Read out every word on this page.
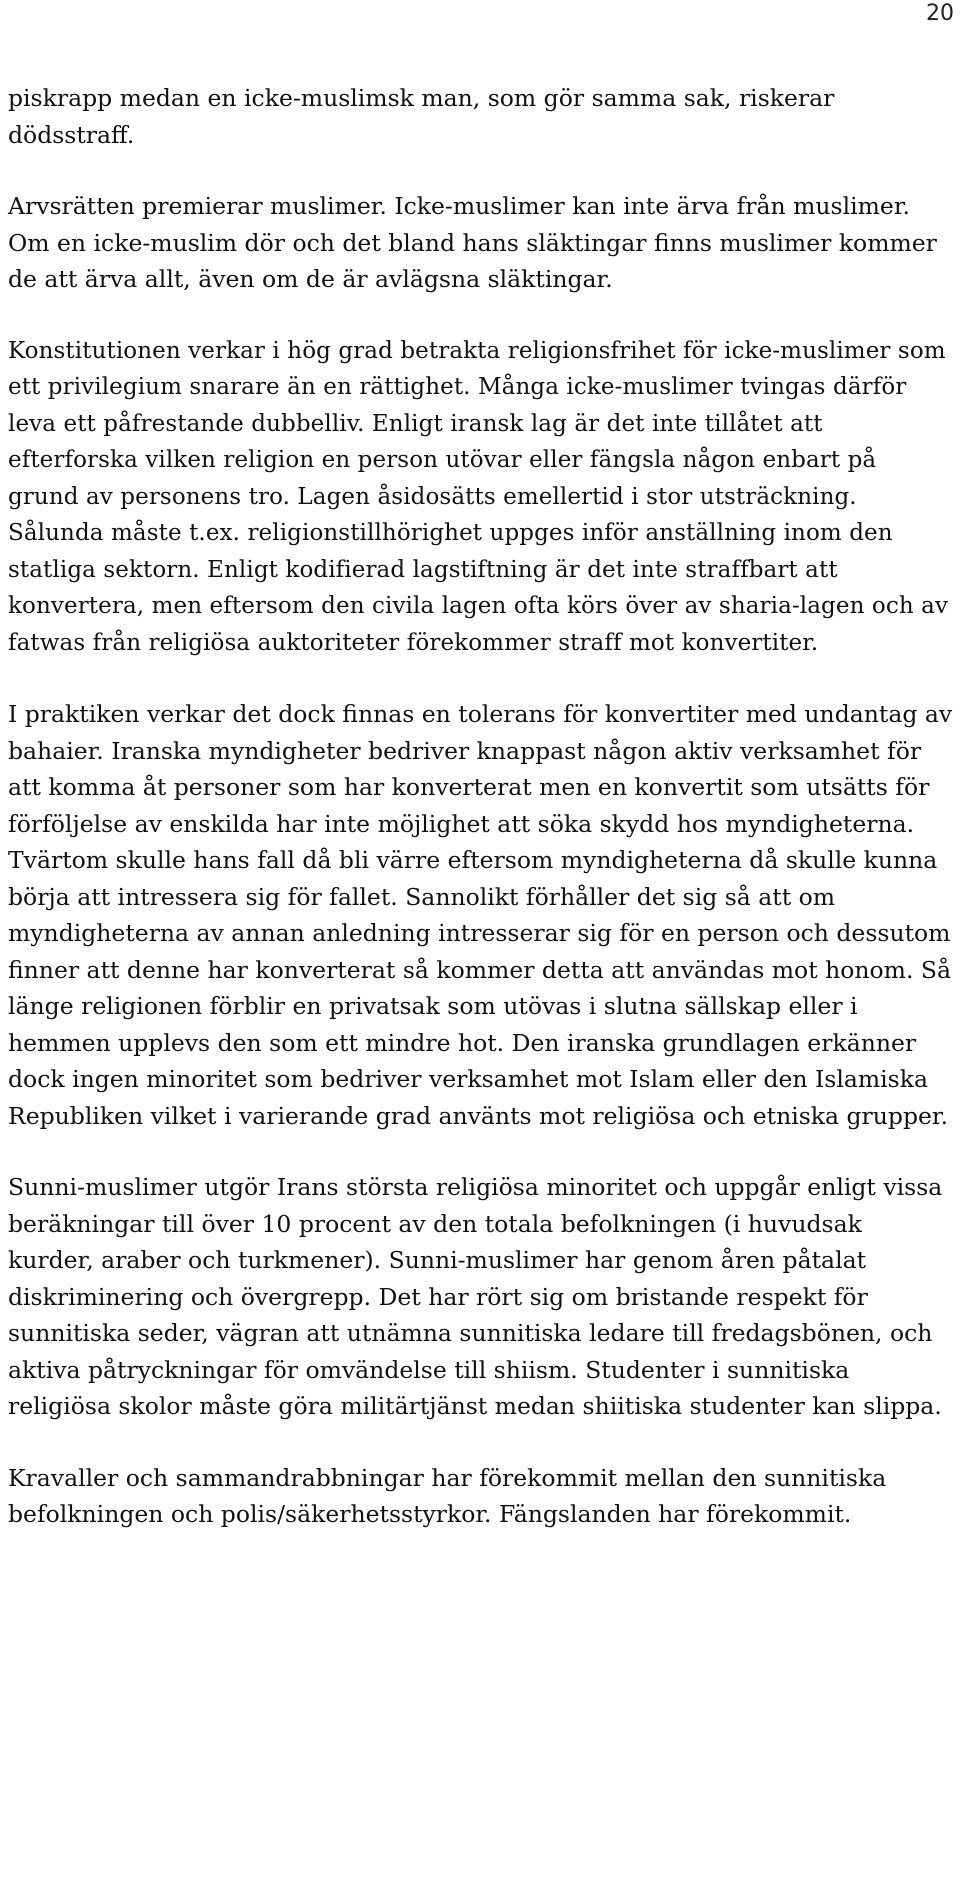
20

piskrapp medan en icke-muslimsk man, som gör samma sak, riskerar dödsstraff.

Arvsrätten premierar muslimer. Icke-muslimer kan inte ärva från muslimer. Om en icke-muslim dör och det bland hans släktingar finns muslimer kommer de att ärva allt, även om de är avlägsna släktingar.

Konstitutionen verkar i hög grad betrakta religionsfrihet för icke-muslimer som ett privilegium snarare än en rättighet. Många icke-muslimer tvingas därför leva ett påfrestande dubbelliv. Enligt iransk lag är det inte tillåtet att efterforska vilken religion en person utövar eller fängsla någon enbart på grund av personens tro. Lagen åsidosätts emellertid i stor utsträckning. Sålunda måste t.ex. religionstillhörighet uppges inför anställning inom den statliga sektorn. Enligt kodifierad lagstiftning är det inte straffbart att konvertera, men eftersom den civila lagen ofta körs över av sharia-lagen och av fatwas från religiösa auktoriteter förekommer straff mot konvertiter.

I praktiken verkar det dock finnas en tolerans för konvertiter med undantag av bahaier. Iranska myndigheter bedriver knappast någon aktiv verksamhet för att komma åt personer som har konverterat men en konvertit som utsätts för förföljelse av enskilda har inte möjlighet att söka skydd hos myndigheterna. Tvärtom skulle hans fall då bli värre eftersom myndigheterna då skulle kunna börja att intressera sig för fallet. Sannolikt förhåller det sig så att om myndigheterna av annan anledning intresserar sig för en person och dessutom finner att denne har konverterat så kommer detta att användas mot honom. Så länge religionen förblir en privatsak som utövas i slutna sällskap eller i hemmen upplevs den som ett mindre hot. Den iranska grundlagen erkänner dock ingen minoritet som bedriver verksamhet mot Islam eller den Islamiska Republiken vilket i varierande grad använts mot religiösa och etniska grupper.

Sunni-muslimer utgör Irans största religiösa minoritet och uppgår enligt vissa beräkningar till över 10 procent av den totala befolkningen (i huvudsak kurder, araber och turkmener). Sunni-muslimer har genom åren påtalat diskriminering och övergrepp. Det har rört sig om bristande respekt för sunnitiska seder, vägran att utnämna sunnitiska ledare till fredagsbönen, och aktiva påtryckningar för omvändelse till shiism. Studenter i sunnitiska religiösa skolor måste göra militärtjänst medan shiitiska studenter kan slippa.

Kravaller och sammandrabbningar har förekommit mellan den sunnitiska befolkningen och polis/säkerhetsstyrkor. Fängslanden har förekommit.
